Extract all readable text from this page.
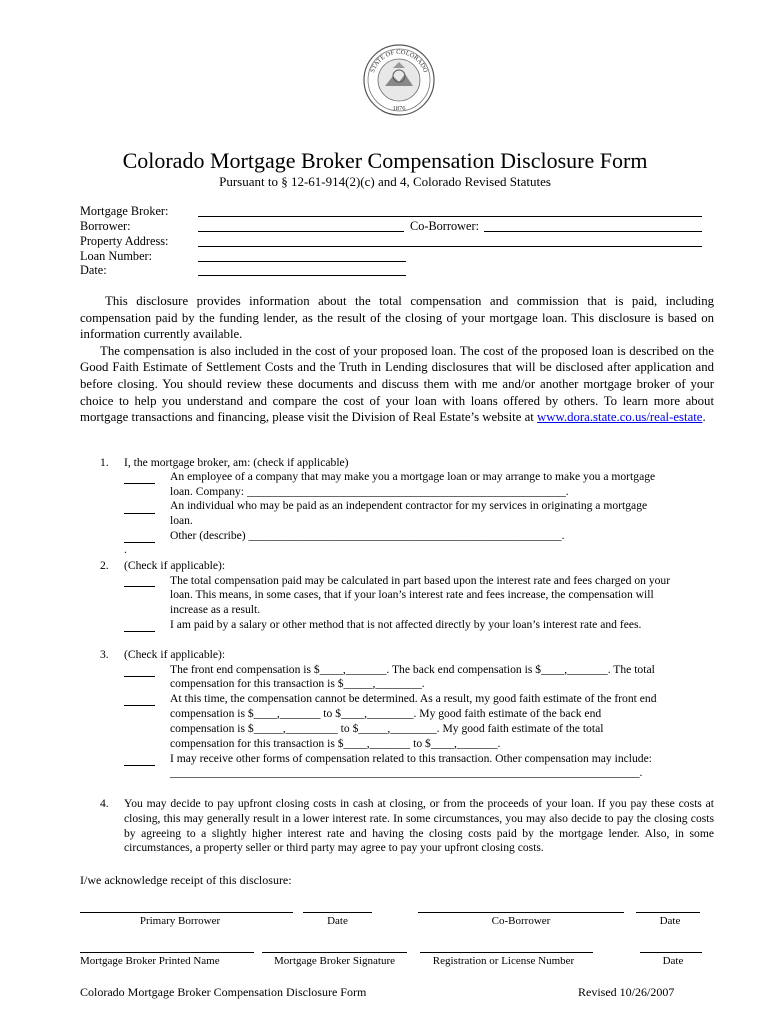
STATE OF COLORADO
1876
Colorado Mortgage Broker Compensation Disclosure Form
Pursuant to § 12-61-914(2)(c) and 4, Colorado Revised Statutes
Mortgage Broker:
Borrower:	Co-Borrower:
Property Address:
Loan Number:
Date:

This disclosure provides information about the total compensation and commission that is paid, including compensation paid by the funding lender, as the result of the closing of your mortgage loan. This disclosure is based on information currently available.

The compensation is also included in the cost of your proposed loan. The cost of the proposed loan is described on the Good Faith Estimate of Settlement Costs and the Truth in Lending disclosures that will be disclosed after application and before closing. You should review these documents and discuss them with me and/or another mortgage broker of your choice to help you understand and compare the cost of your loan with loans offered by others. To learn more about mortgage transactions and financing, please visit the Division of Real Estate’s website at www.dora.state.co.us/real-estate.

1. I, the mortgage broker, am: (check if applicable)
An employee of a company that may make you a mortgage loan or may arrange to make you a mortgage
loan. Company: _______________________________________________________.
An individual who may be paid as an independent contractor for my services in originating a mortgage
loan.
Other (describe) ______________________________________________________.
.
2. (Check if applicable):
The total compensation paid may be calculated in part based upon the interest rate and fees charged on your
loan. This means, in some cases, that if your loan’s interest rate and fees increase, the compensation will
increase as a result.
I am paid by a salary or other method that is not affected directly by your loan’s interest rate and fees.
3. (Check if applicable):
The front end compensation is $____,_______. The back end compensation is $____,_______. The total
compensation for this transaction is $_____,________.
At this time, the compensation cannot be determined. As a result, my good faith estimate of the front end
compensation is $____,_______ to $____,________. My good faith estimate of the back end
compensation is $_____,_________ to $_____,________. My good faith estimate of the total
compensation for this transaction is $____,_______ to $____,_______.
I may receive other forms of compensation related to this transaction. Other compensation may include:
_________________________________________________________________________________.
4. You may decide to pay upfront closing costs in cash at closing, or from the proceeds of your loan. If you pay these costs at closing, this may generally result in a lower interest rate. In some circumstances, you may also decide to pay the closing costs by agreeing to a slightly higher interest rate and having the closing costs paid by the mortgage lender. Also, in some circumstances, a property seller or third party may agree to pay your upfront closing costs.
I/we acknowledge receipt of this disclosure:
Primary Borrower	Date	Co-Borrower	Date
Mortgage Broker Printed Name	Mortgage Broker Signature	Registration or License Number	Date
Colorado Mortgage Broker Compensation Disclosure Form	Revised 10/26/2007
